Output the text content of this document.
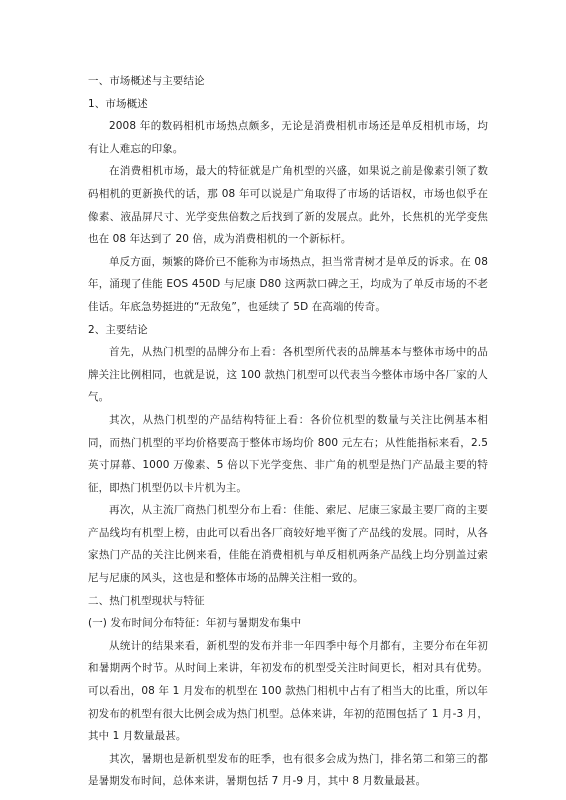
一、市场概述与主要结论

1、市场概述

2008 年的数码相机市场热点颇多，无论是消费相机市场还是单反相机市场，均有让人难忘的印象。

在消费相机市场，最大的特征就是广角机型的兴盛，如果说之前是像素引领了数码相机的更新换代的话，那 08 年可以说是广角取得了市场的话语权，市场也似乎在像素、液晶屏尺寸、光学变焦倍数之后找到了新的发展点。此外，长焦机的光学变焦也在 08 年达到了 20 倍，成为消费相机的一个新标杆。

单反方面，频繁的降价已不能称为市场热点，担当常青树才是单反的诉求。在 08 年，涌现了佳能 EOS 450D 与尼康 D80 这两款口碑之王，均成为了单反市场的不老佳话。年底急势挺进的“无敌兔”，也延续了 5D 在高端的传奇。

2、主要结论

首先，从热门机型的品牌分布上看：各机型所代表的品牌基本与整体市场中的品牌关注比例相同，也就是说，这 100 款热门机型可以代表当今整体市场中各厂家的人气。

其次，从热门机型的产品结构特征上看：各价位机型的数量与关注比例基本相同，而热门机型的平均价格要高于整体市场均价 800 元左右；从性能指标来看，2.5 英寸屏幕、1000 万像素、5 倍以下光学变焦、非广角的机型是热门产品最主要的特征，即热门机型仍以卡片机为主。

再次，从主流厂商热门机型分布上看：佳能、索尼、尼康三家最主要厂商的主要产品线均有机型上榜，由此可以看出各厂商较好地平衡了产品线的发展。同时，从各家热门产品的关注比例来看，佳能在消费相机与单反相机两条产品线上均分别盖过索尼与尼康的风头，这也是和整体市场的品牌关注相一致的。

二、热门机型现状与特征

(一) 发布时间分布特征：年初与暑期发布集中

从统计的结果来看，新机型的发布并非一年四季中每个月都有，主要分布在年初和暑期两个时节。从时间上来讲，年初发布的机型受关注时间更长，相对具有优势。可以看出，08 年 1 月发布的机型在 100 款热门相机中占有了相当大的比重，所以年初发布的机型有很大比例会成为热门机型。总体来讲，年初的范围包括了 1 月-3 月，其中 1 月数量最甚。

其次，暑期也是新机型发布的旺季，也有很多会成为热门，排名第二和第三的都是暑期发布时间，总体来讲，暑期包括 7 月-9 月，其中 8 月数量最甚。
